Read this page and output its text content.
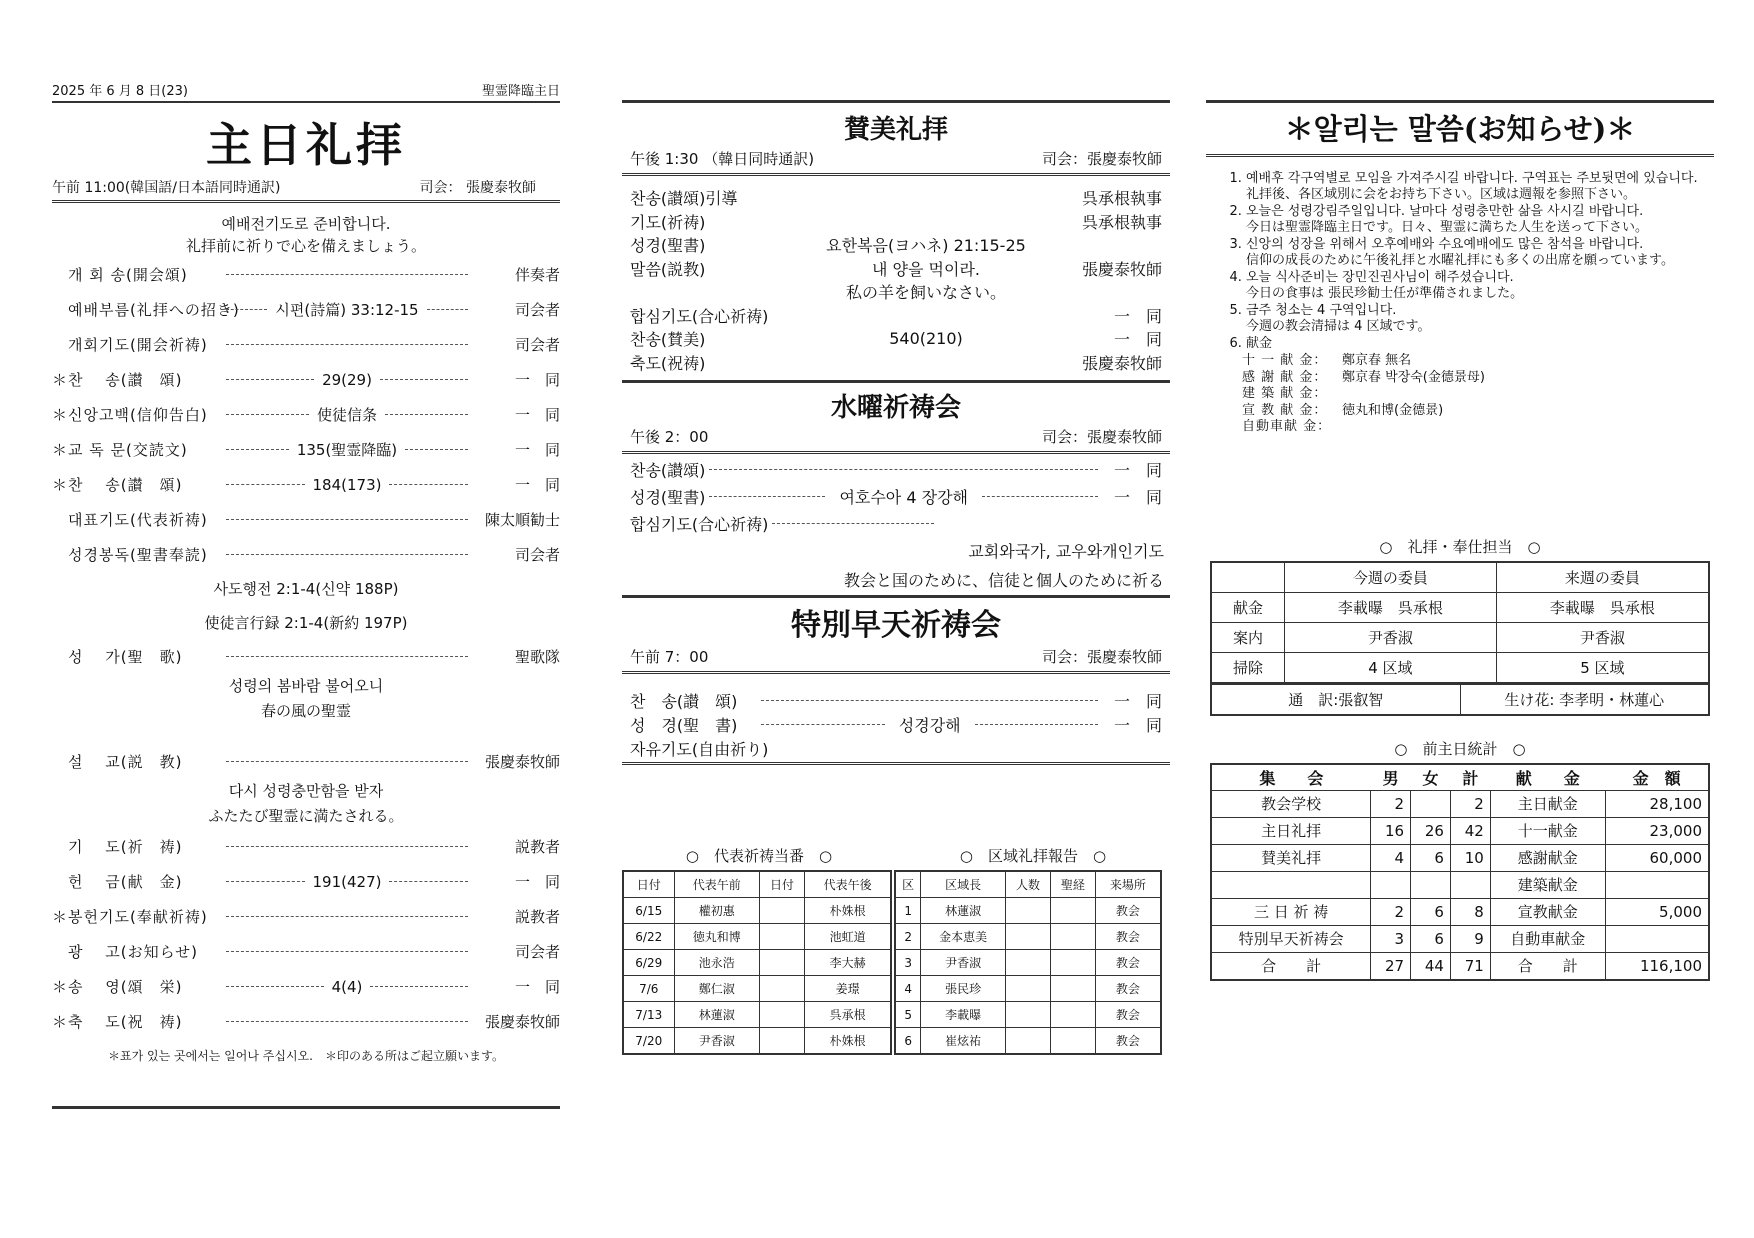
2025 年 6 月 8 日(23)	聖霊降臨主日
主日礼拝
午前 11:00(韓国語/日本語同時通訳)	司会： 張慶泰牧師
예배전기도로 준비합니다.
礼拝前に祈りで心を備えましょう。
개 회 송(開会頌)	伴奏者
예배부름(礼拝への招き)	시편(詩篇) 33:12-15	司会者
개회기도(開会祈祷)	司会者
＊ 찬　 송(讃　頌)	29(29)	一　同
＊ 신앙고백(信仰告白)	使徒信条	一　同
＊ 교 독 문(交読文)	135(聖霊降臨)	一　同
＊ 찬　 송(讃　頌)	184(173)	一　同
대표기도(代表祈祷)	陳太順勧士
성경봉독(聖書奉読)	司会者
사도행전 2:1-4(신약 188P)
使徒言行録 2:1-4(新約 197P)
성　 가(聖　歌)	聖歌隊
성령의 봄바람 불어오니
春の風の聖霊
설　 교(説　教)	張慶泰牧師
다시 성령충만함을 받자
ふたたび聖霊に満たされる。
기　 도(祈　祷)	説教者
헌　 금(献　金)	191(427)	一　同
＊ 봉헌기도(奉献祈祷)	説教者
광　 고(お知らせ)	司会者
＊ 송　 영(頌　栄)	4(4)	一　同
＊ 축　 도(祝　祷)	張慶泰牧師
＊표가 있는 곳에서는 일어나 주십시오.　＊印のある所はご起立願います。
賛美礼拝
午後 1:30 （韓日同時通訳)	司会：張慶泰牧師
찬송(讃頌)引導	呉承根執事
기도(祈祷)	呉承根執事
성경(聖書)	요한복음(ヨハネ) 21:15-25
말씀(説教)	내 양을 먹이라.	張慶泰牧師
私の羊を飼いなさい。
합심기도(合心祈祷)	一　同
찬송(賛美)	540(210)	一　同
축도(祝祷)	張慶泰牧師
水曜祈祷会
午後 2：00	司会：張慶泰牧師
찬송(讃頌)	一　同
성경(聖書)	여호수아 4 장강해	一　同
합심기도(合心祈祷)
교회와국가, 교우와개인기도
教会と国のために、信徒と個人のために祈る
特別早天祈祷会
午前 7：00	司会：張慶泰牧師
찬　송(讃　頌)	一　同
성　경(聖　書)	성경강해	一　同
자유기도(自由祈り)
○　代表祈祷当番　○	○　区域礼拝報告　○
日付	代表午前	日付	代表午後
6/15	權初惠		朴姝根
6/22	徳丸和博		池虹道
6/29	池永浩		李大赫
7/6	鄭仁淑		姜璟
7/13	林蓮淑		呉承根
7/20	尹香淑		朴姝根
区	区域長	人数	聖経	来場所
1	林蓮淑			教会
2	金本恵美			教会
3	尹香淑			教会
4	張民珍			教会
5	李載曝			教会
6	崔炫祐			教会
＊알리는 말씀(お知らせ)＊
1. 예배후 각구역별로 모임을 가져주시길 바랍니다. 구역표는 주보뒷면에 있습니다.
礼拝後、各区域別に会をお持ち下さい。区域は週報を参照下さい。
2. 오늘은 성령강림주일입니다. 날마다 성령충만한 삶을 사시길 바랍니다.
今日は聖霊降臨主日です。日々、聖霊に満ちた人生を送って下さい。
3. 신앙의 성장을 위해서 오후예배와 수요예배에도 많은 참석을 바랍니다.
信仰の成長のために午後礼拝と水曜礼拝にも多くの出席を願っています。
4. 오늘 식사준비는 장민진권사님이 해주셨습니다.
今日の食事は 張民珍勧士任が準備されました。
5. 금주 청소는 4 구역입니다.
今週の教会清掃は 4 区域です。
6. 献金
十 一 献 金：	鄭京春 無名
感 謝 献 金：	鄭京春 박장숙(金德景母)
建 築 献 金：
宣 教 献 金：	徳丸和博(金德景)
自動車献 金：
○　礼拝・奉仕担当　○
	今週の委員	来週の委員
献金	李載曝　呉承根	李載曝　呉承根
案内	尹香淑	尹香淑
掃除	4 区域	5 区域
通　訳:張叡智	生け花: 李孝明・林蓮心
○　前主日統計　○
集　　会	男	女	計	献　　金	金　額
教会学校	2		2	主日献金	28,100
主日礼拝	16	26	42	十一献金	23,000
賛美礼拝	4	6	10	感謝献金	60,000
				建築献金	
三 日 祈 祷	2	6	8	宣教献金	5,000
特別早天祈祷会	3	6	9	自動車献金	
合　　計	27	44	71	合　　計	116,100
